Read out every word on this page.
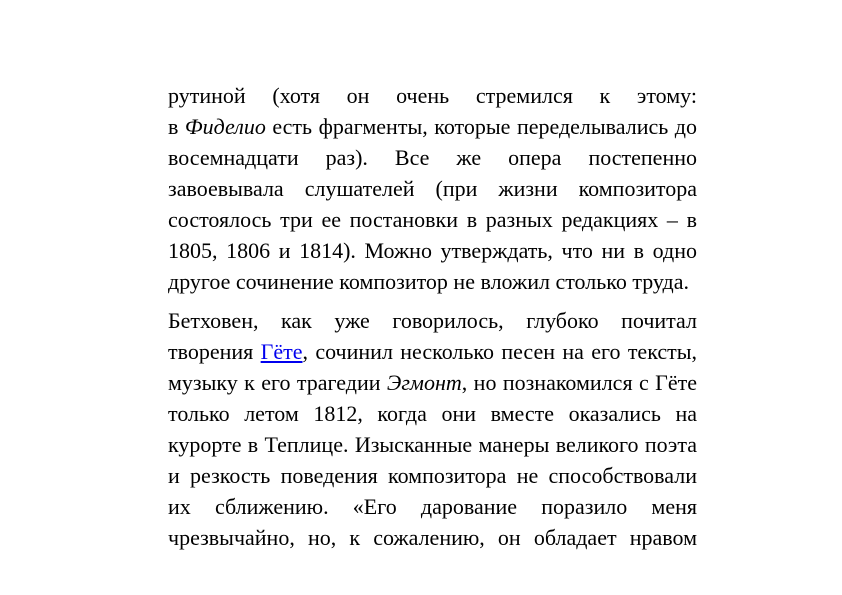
рутиной (хотя он очень стремился к этому:
в Фиделио есть фрагменты, которые переделывались до
восемнадцати раз). Все же опера постепенно
завоевывала слушателей (при жизни композитора
состоялось три ее постановки в разных редакциях – в
1805, 1806 и 1814). Можно утверждать, что ни в одно
другое сочинение композитор не вложил столько труда.
Бетховен, как уже говорилось, глубоко почитал
творения Гёте, сочинил несколько песен на его тексты,
музыку к его трагедии Эгмонт, но познакомился с Гёте
только летом 1812, когда они вместе оказались на
курорте в Теплице. Изысканные манеры великого поэта
и резкость поведения композитора не способствовали
их сближению. «Его дарование поразило меня
чрезвычайно, но, к сожалению, он обладает нравом
